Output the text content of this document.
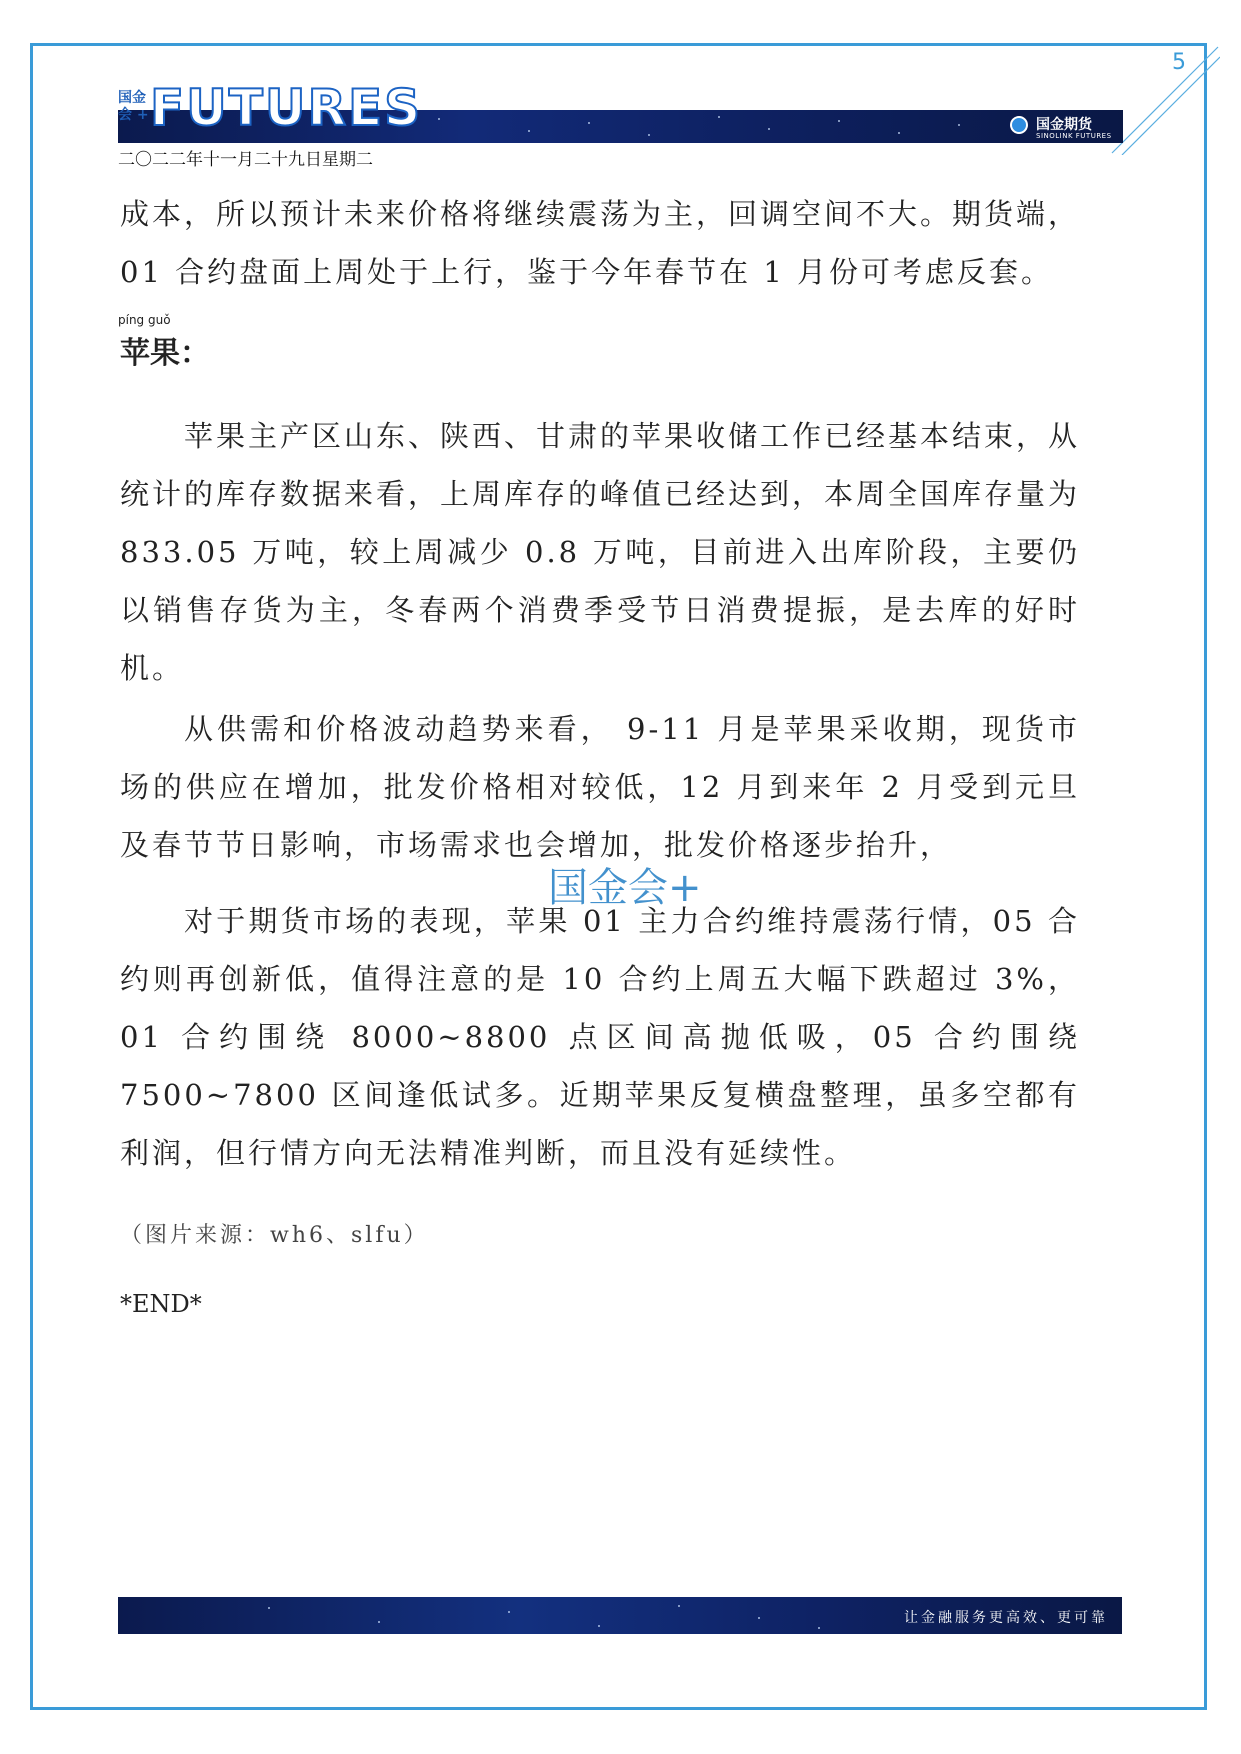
5
国金
会 + FUTURES	国金期货
SINOLINK FUTURES
二〇二二年十一月二十九日星期二

成本，所以预计未来价格将继续震荡为主，回调空间不大。期货端，01 合约盘面上周处于上行，鉴于今年春节在 1 月份可考虑反套。

píng guǒ
苹果：

苹果主产区山东、陕西、甘肃的苹果收储工作已经基本结束，从统计的库存数据来看，上周库存的峰值已经达到，本周全国库存量为 833.05 万吨，较上周减少 0.8 万吨，目前进入出库阶段，主要仍以销售存货为主，冬春两个消费季受节日消费提振，是去库的好时机。

从供需和价格波动趋势来看， 9-11 月是苹果采收期，现货市场的供应在增加，批发价格相对较低，12 月到来年 2 月受到元旦及春节节日影响，市场需求也会增加，批发价格逐步抬升，

国金会+

对于期货市场的表现，苹果 01 主力合约维持震荡行情，05 合约则再创新低，值得注意的是 10 合约上周五大幅下跌超过 3%， 01 合约围绕 8000~8800 点区间高抛低吸，05 合约围绕 7500~7800 区间逢低试多。近期苹果反复横盘整理，虽多空都有利润，但行情方向无法精准判断，而且没有延续性。

（图片来源：wh6、slfu）
*END*
让金融服务更高效、更可靠
